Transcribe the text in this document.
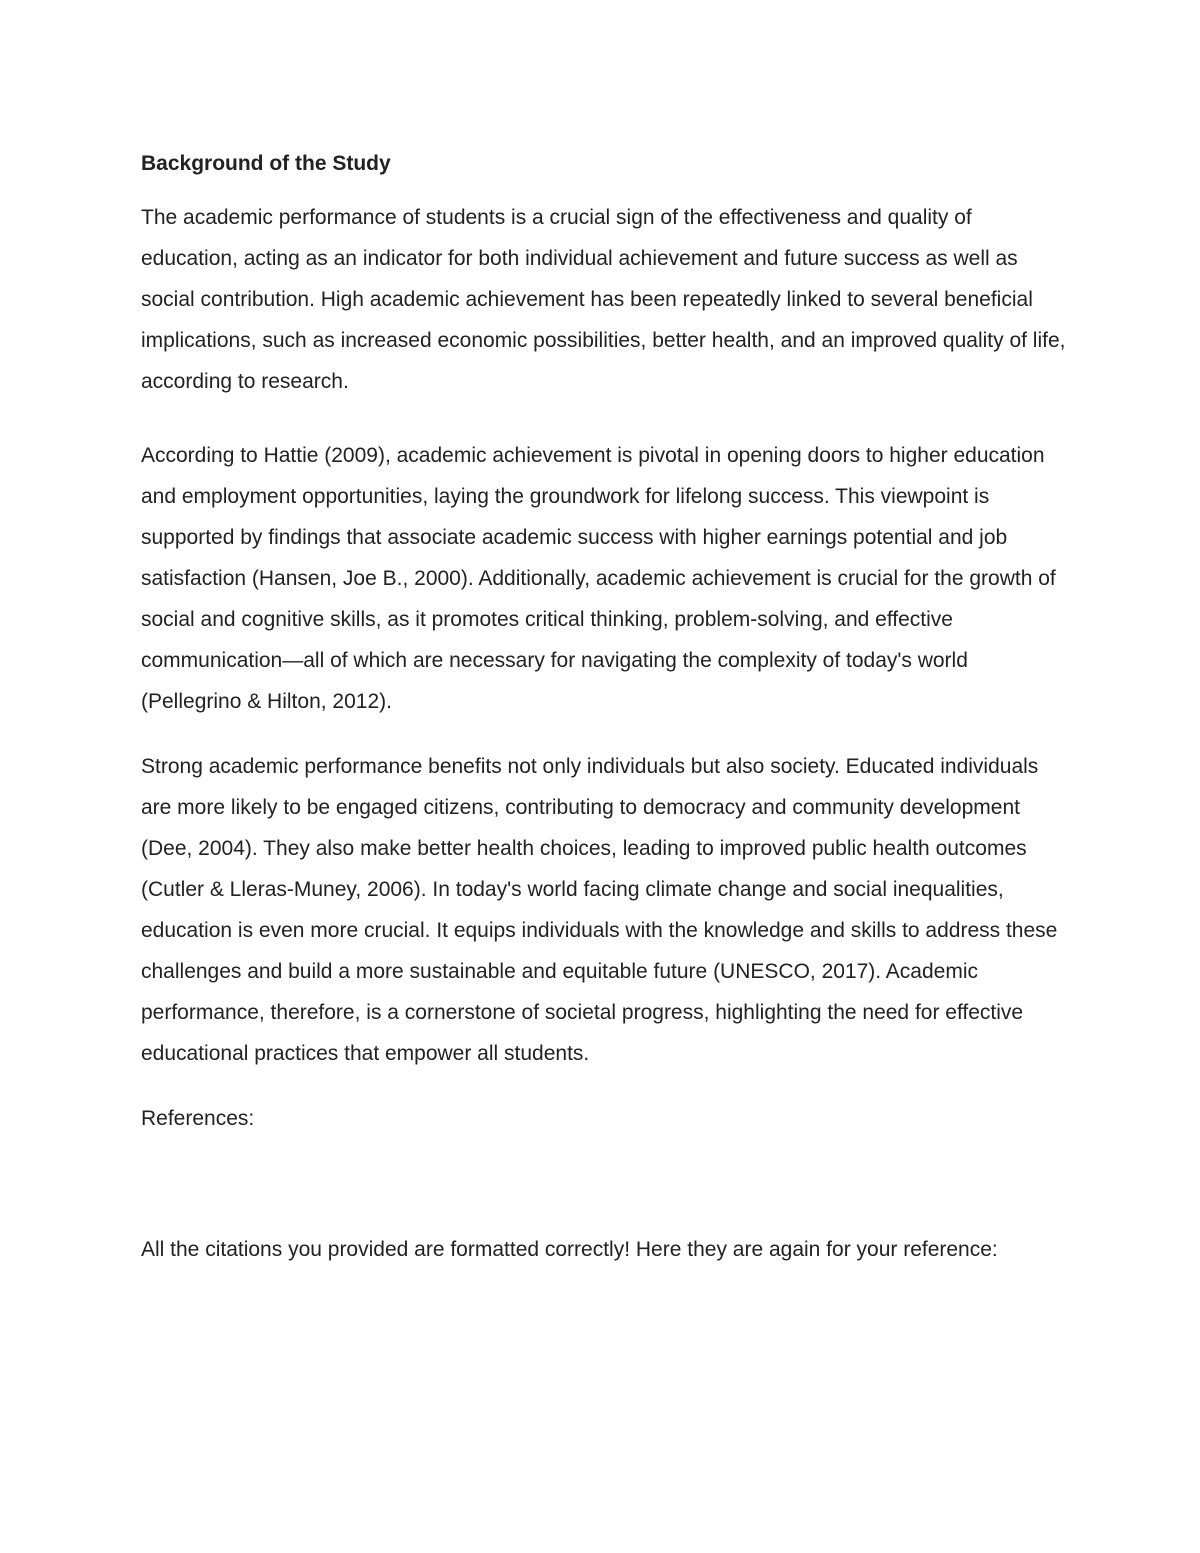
Background of the Study

The academic performance of students is a crucial sign of the effectiveness and quality of education, acting as an indicator for both individual achievement and future success as well as social contribution. High academic achievement has been repeatedly linked to several beneficial implications, such as increased economic possibilities, better health, and an improved quality of life, according to research.

According to Hattie (2009), academic achievement is pivotal in opening doors to higher education and employment opportunities, laying the groundwork for lifelong success. This viewpoint is supported by findings that associate academic success with higher earnings potential and job satisfaction (Hansen, Joe B., 2000). Additionally, academic achievement is crucial for the growth of social and cognitive skills, as it promotes critical thinking, problem-solving, and effective communication—all of which are necessary for navigating the complexity of today's world (Pellegrino & Hilton, 2012).

Strong academic performance benefits not only individuals but also society. Educated individuals are more likely to be engaged citizens, contributing to democracy and community development (Dee, 2004). They also make better health choices, leading to improved public health outcomes (Cutler & Lleras-Muney, 2006). In today's world facing climate change and social inequalities, education is even more crucial. It equips individuals with the knowledge and skills to address these challenges and build a more sustainable and equitable future (UNESCO, 2017). Academic performance, therefore, is a cornerstone of societal progress, highlighting the need for effective educational practices that empower all students.

References:

All the citations you provided are formatted correctly! Here they are again for your reference:
